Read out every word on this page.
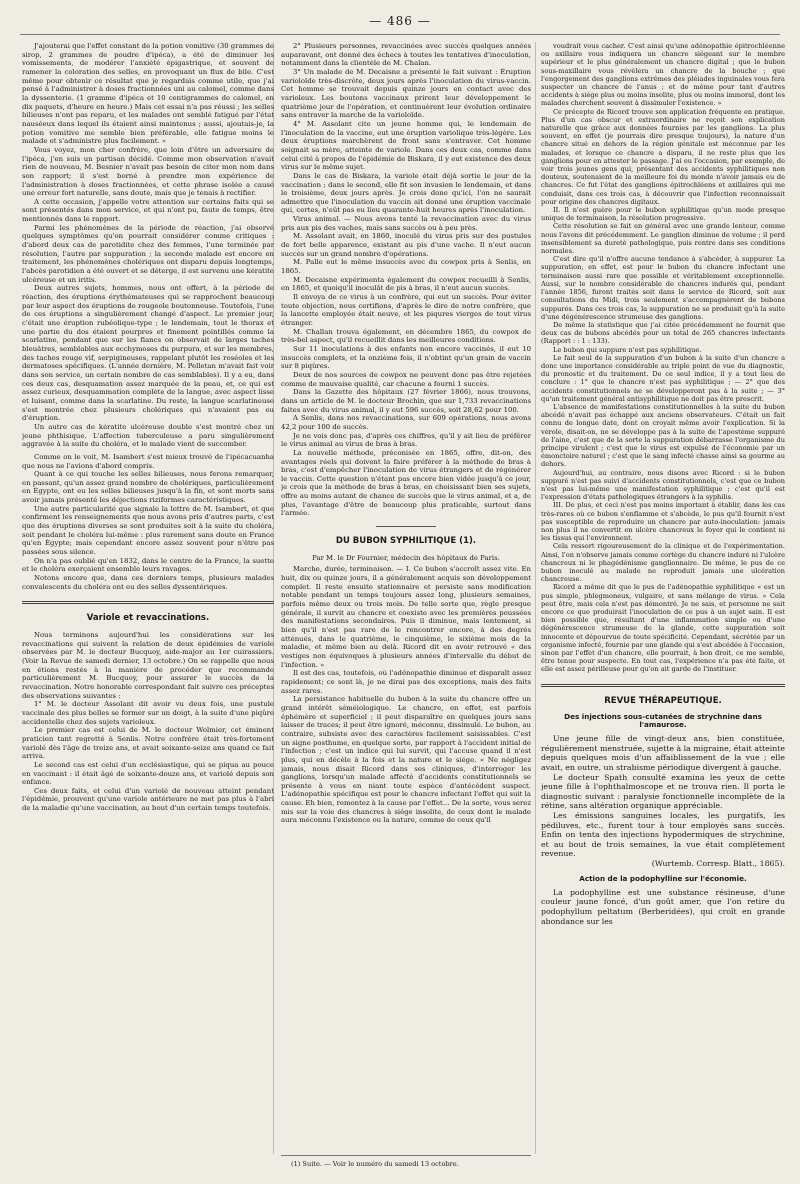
— 486 —

J'ajouterai que l'effet constant de la potion vomitive (30 grammes de sirop, 2 grammes de poudre d'ipéca), a été de diminuer les vomissements, de modérer l'anxiété épigastrique, et souvent de ramener la coloration des selles, en provoquant un flux de bile. C'est même pour obtenir ce résultat que je regardais comme utile, que j'ai pensé à l'administrer à doses fractionnées uni au calomel, comme dans la dyssenterie. (1 gramme d'ipéca et 10 centigrammes de calomel, en dix paquets, d'heure en heure.) Mais cet essai n'a pas réussi ; les selles bilieuses n'ont pas reparu, et les malades ont semblé fatigué par l'état nauséeux dans lequel ils étaient ainsi maintenus ; aussi, ajoutais-je, la potion vomitive me semble bien préférable, elle fatigue moins le malade et s'administre plus facilement. »

Vous voyez, mon cher confrère, que loin d'être un adversaire de l'ipéca, j'en suis un partisan décidé. Comme mon observation n'avait rien de nouveau, M. Besnier n'avait pas besoin de citer mon nom dans son rapport; il s'est borné à prendre mon expérience de l'administration à doses fractionnées, et cette phrase isolée a causé une erreur fort naturelle, sans doute, mais que je tenais à rectifier.

A cette occasion, j'appelle votre attention sur certains faits qui se sont présentés dans mon service, et qui n'ont pu, faute de temps, être mentionnés dans le rapport.

Parmi les phénomènes de la période de réaction, j'ai observé quelques symptômes qu'on pourrait considérer comme critiques : d'abord deux cas de parotidite chez des femmes, l'une terminée par résolution, l'autre par suppuration ; la seconde malade est encore en traitement, les phénomènes cholériques ont disparu depuis longtemps, l'abcès parotidien a été ouvert et se déterge, il est survenu une kératite ulcéreuse et un iritis.

Deux autres sujets, hommes, nous ont offert, à la période de réaction, des éruptions érythémateuses qui se rapprochent beaucoup par leur aspect des éruptions de rougeole boutonneuse. Toutefois, l'une de ces éruptions a singulièrement changé d'aspect. Le premier jour, c'était une éruption rubéolique-type ; le lendemain, tout le thorax et une partie du dos étaient pourpres et finement pointillés comme la scarlatine, pendant que sur les flancs on observait de larges taches bleuâtres, semblables aux ecchymoses du purpura, et sur les membres, des taches rouge vif, serpigineuses, rappelant plutôt les roséoles et les dermatoses spécifiques. (L'année dernière, M. Pelletan m'avait fait voir dans son service, un certain nombre de cas semblables). Il y a eu, dans ces deux cas, desquamation assez marquée de la peau, et, ce qui est assez curieux, desquammation complète de la langue, avec aspect lisse et luisant, comme dans la scarlatine. Du reste, la langue scarlatineuse s'est montrée chez plusieurs cholériques qui n'avaient pas eu d'éruption.

Un autre cas de kératite ulcéreuse double s'est montré chez un jeune phthisique. L'affection tuberculeuse a paru singulièrement aggravée à la suite du choléra, et le malade vient de succomber.

Comme on le voit, M. Isambert s'est mieux trouvé de l'ipécacuanha que nous ne l'avions d'abord compris.

Quant à ce qui touche les selles bilieuses, nous ferons remarquer, en passant, qu'un assez grand nombre de cholériques, particulièrement en Égypte, ont eu les selles bilieuses jusqu'à la fin, et sont morts sans avoir jamais présenté les déjections riziformes caractéristiques.

Une autre particularité que signale la lettre de M. Isambert, et que confirment les renseignements que nous avons pris d'autres parts, c'est que des éruptions diverses se sont produites soit à la suite du choléra, soit pendant le choléra lui-même : plus rarement sans doute en France qu'en Égypte; mais cependant encore assez souvent pour n'être pas passées sous silence.

On n'a pas oublié qu'en 1832, dans le centre de la France, la suette et le choléra exerçaient ensemble leurs ravages.

Notons encore que, dans ces derniers temps, plusieurs malades convalescents du choléra ont eu des selles dyssentériques.

Variole et revaccinations.

Nous terminons aujourd'hui les considérations sur les revaccinations qui suivent la relation de deux épidémies de variole observées par M. le docteur Bucquoy, aide-major au 1er cuirassiers. (Voir la Revue de samedi dernier, 13 octobre.) On se rappelle que nous en étions restés à la manière de procéder que recommande particulièrement M. Bucquoy, pour assurer le succès de la revaccination. Notre honorable correspondant fait suivre ces préceptes des observations suivantes :

1° M. le docteur Assolant dit avoir vu deux fois, une pustule vaccinale des plus belles se former sur un doigt, à la suite d'une piqûre accidentelle chez des sujets varioleux.

Le premier cas est celui de M. le docteur Wolmier, cet éminent praticien tant regretté à Senlis. Notre confrère était très-fortement variolé dès l'âge de treize ans, et avait soixante-seize ans quand ce fait arriva.

Le second cas est celui d'un ecclésiastique, qui se piqua au pouce en vaccinant : il était âgé de soixante-douze ans, et variolé depuis son enfance.

Ces deux faits, et celui d'un variolé de nouveau atteint pendant l'épidémie, prouvent qu'une variole antérieure ne met pas plus à l'abri de la maladie qu'une vaccination, au bout d'un certain temps toutefois.

2° Plusieurs personnes, revaccinées avec succès quelques années auparavant, ont donné des échecs à toutes les tentatives d'inoculation, notamment dans la clientèle de M. Chalan.

3° Un malade de M. Decaisne a présenté le fait suivant : Éruption varioloïde très-discrète, deux jours après l'inoculation du virus-vaccin. Cet homme se trouvait depuis quinze jours en contact avec des varioleux. Les boutons vaccinaux prirent leur développement le quatrième jour de l'opération, et continuèrent leur évolution ordinaire sans entraver la marche de la varioloïde.

4° M. Assolant cite un jeune homme qui, le lendemain de l'inoculation de la vaccine, eut une éruption variolique très-légère. Les deux éruptions marchèrent de front sans s'entraver. Cet homme soignait sa mère, atteinte de variole. Dans ces deux cas, comme dans celui cité à propos de l'épidémie de Biskara, il y eut existence des deux virus sur le même sujet.

Dans le cas de Biskara, la variole était déjà sortie le jour de la vaccination ; dans le second, elle fit son invasion le lendemain, et dans le troisième, deux jours après. Je crois done qu'ici, l'on ne saurait admettre que l'inoculation du vaccin ait donné une éruption vaccinale qui, certes, n'eût pas eu lieu quarante-huit heures après l'inoculation.

Virus animal. — Nous avons tenté la revaccination avec du virus pris aux pis des vaches, mais sans succès ou à peu près.

M. Assolant avait, en 1860, inoculé du virus pris sur des pustules de fort belle apparence, existant au pis d'une vache. Il n'eut aucun succès sur un grand nombre d'opérations.

M. Palle eut le même insuccès avec du cowpox pris à Senlis, en 1865.

M. Decaisne expérimenta également du cowpox recueilli à Senlis, en 1865, et quoiqu'il inoculât de pis à bras, il n'eut aucun succès.

Il envoya de ce virus à un confrère, qui eut un succès. Pour éviter toute objection, nous certifions, d'après le dire de notre confrère, que la lancette employée était neuve, et les piqures vierges de tout virus étranger.

M. Challan trouva également, en décembre 1865, du cowpox de très-bel aspect, qu'il recueillit dans les meilleures conditions.

Sur 11 inoculations à des enfants non encore vaccinés, il eut 10 insuccès complets, et la onzième fois, il n'obtint qu'un grain de vaccin sur 8 piqûres.

Deux de nos sources de cowpox ne peuvent donc pas être rejetées comme de mauvaise qualité, car chacune a fourni 1 succès.

Dans la Gazette des hôpitaux (27 février 1866), nous trouvons, dans un article de M. le docteur Brochin, que sur 1,733 revaccinations faites avec du virus animal, il y eut 596 succès, soit 28,62 pour 100.

A Senlis, dans nos revaccinations, sur 609 opérations, nous avons 42,2 pour 100 de succès.

Je ne vois donc pas, d'après ces chiffres, qu'il y ait lieu de préférer le virus animal au virus de bras à bras.

La nouvelle méthode, préconisée en 1865, offre, dit-on, des avantages réels qui doivent la faire préférer à la méthode de bras à bras, c'est d'empêcher l'inoculation de virus étrangers et de régénérer le vaccin. Cette question n'étant pas encore bien vidée jusqu'à ce jour, je crois que la méthode de bras à bras, en choisissant bien ses sujets, offre au moins autant de chance de succès que le virus animal, et a, de plus, l'avantage d'être de beaucoup plus praticable, surtout dans l'armée.

DU BUBON SYPHILITIQUE (1).

Par M. le Dr Fournier, médecin des hôpitaux de Paris.

Marche, durée, terminaison. — I. Ce bubon s'accroît assez vite. En huit, dix ou quinze jours, il a généralement acquis son développement complet. Il reste ensuite stationnaire et persiste sans modification notable pendant un temps toujours assez long, plusieurs semaines, parfois même deux ou trois mois. De telle sorte que, règle presque générale, il survit au chancre et coexiste avec les premières poussées des manifestations secondaires. Puis il diminue, mais lentement, si bien qu'il n'est pas rare de le rencontrer encore, à des degrés atténués, dans le quatrième, le cinquième, le sixième mois de la maladie, et même bien au delà. Ricord dit en avoir retrouvé « des vestiges non équivoques à plusieurs années d'intervalle du début de l'infection. »

Il est des cas, toutefois, où l'adénopathie diminue et disparaît assez rapidement; ce sont là, je ne dirai pas des exceptions, mais des faits assez rares.

La persistance habituelle du bubon à la suite du chancre offre un grand intérêt séméiologique. Le chancre, en effet, est parfois éphémère et superficiel ; il peut disparaître en quelques jours sans laisser de traces; il peut être ignoré, méconnu, dissimulé. Le bubon, au contraire, subsiste avec des caractères facilement saisissables. C'est un signe posthume, en quelque sorte, par rapport à l'accident initial de l'infection ; c'est un indice qui lui survit, qui l'accuse quand il n'est plus, qui en décèle à la fois et la nature et le siége. « Ne négligez jamais, nous disait Ricord dans ses cliniques, d'interroger les ganglions, lorsqu'un malade affecté d'accidents constitutionnels se présente à vous en niant toute espèce d'antécédent suspect. L'adénopathie spécifique est pour le chancre infectant l'effet qui suit la cause. Eh bien, remontez à la cause par l'effet... De la sorte, vous serez mis sur la voie des chancres à siége insolite, de ceux dont le malade aura méconnu l'existence ou la nature, comme de ceux qu'il

(1) Suite. — Voir le numéro du samedi 13 octobre.

voudrait vous cacher. C'est ainsi qu'une adénopathie épitrochléenne ou axillaire vous indiquera un chancre siégeant sur le membre supérieur et le plus généralement un chancre digital ; que le bubon sous-maxillaire vous révèlera un chancre de la bouche ; que l'engorgement des ganglions extrêmes des pléiades inguinales vous fera suspecter un chancre de l'anus ; et de même pour tant d'autres accidents à siége plus ou moins insolite, plus ou moins immoral, dont les malades cherchent souvent à dissimuler l'existence. »

Ce précepte de Ricord trouve son application fréquente en pratique. Plus d'un cas obscur et extraordinaire ne reçoit son explication naturelle que grâce aux données fournies par les ganglions. La plus souvent, en effet (je pourrais dire presque toujours), la nature d'un chancre situé en dehors de la région génitale est méconnue par les malades, et lorsque ce chancre a disparu, il ne reste plus que les ganglions pour en attester le passage. J'ai eu l'occasion, par exemple, de voir trois jeunes gens qui, présentant des accidents syphilitiques non douteux, soutenaient de la meilleure foi du monde n'avoir jamais eu de chancres. Ce fut l'état des ganglions épitrochléens et axillaires qui me conduisit, dans ces trois cas, à découvrir que l'infection reconnaissait pour origine des chancres digitaux.

II. Il n'est guère pour le bubon syphilitique qu'un mode presque unique de terminaison, la résolution progressive.

Cette résolution se fait en général avec une grande lenteur, comme nous l'avons dit précédemment. Le ganglion diminue de volume ; il perd insensiblement sa dureté pathologique, puis rentre dans ses conditions normales.

C'est dire qu'il n'offre aucune tendance à s'abcéder, à suppurer. La suppuration, en effet, est pour le bubon du chancre infectant une terminaison aussi rare que possible et véritablement exceptionnelle. Aussi, sur le nombre considérable de chancres indurés qui, pendant l'année 1856, furent traités soit dans le service de Ricord, soit aux consultations du Midi, trois seulement s'accompagnèrent de bubons suppurés. Dans ces trois cas, la suppuration ne se produisit qu'à la suite d'une dégénérescence strumeuse des ganglions.

De même la statistique que j'ai citée précédemment ne fournit que deux cas de bubons abcédés pour un total de 265 chancres infectants (Rapport : : 1 : 133).

Le bubon qui suppure n'est pas syphilitique.

Le fait seul de la suppuration d'un bubon à la suite d'un chancre a donc une importance considérable au triple point de vue du diagnostic, du pronostic et du traitement. De ce seul indice, il y a tout lieu de conclure : 1° que le chancre n'est pas syphilitique ; — 2° que des accidents constitutionnels ne se développeront pas à la suite ; — 3° qu'un traitement général antisyphilitique ne doit pas être prescrit.

L'absence de manifestations constitutionnelles à la suite du bubon abcédé n'avait pas échappé aux anciens observateurs. C'était un fait connu de longue date, dont on croyait même avoir l'explication. Si la vérole, disait-on, ne se développe pas à la suite de l'apostème suppuré de l'aine, c'est que de la sorte la suppuration débarrasse l'organisme du principe virulent ; c'est que le virus est expulsé de l'économie par un émonctoire naturel ; c'est que le sang infecté chasse ainsi sa gourme au dehors.

Aujourd'hui, au contraire, nous disons avec Ricord : si le bubon suppuré n'est pas suivi d'accidents constitutionnels, c'est que ce bubon n'est pas lui-même une manifestation syphilitique ; c'est qu'il est l'expression d'états pathologiques étrangers à la syphilis.

III. De plus, et ceci n'est pas moins important à établir, dans les cas très-rares où ce bubon s'enflamme et s'abcède, le pus qu'il fournit n'est pas susceptible de reproduire un chancre par auto-inoculation: jamais non plus il ne convertit en ulcère chancreux le foyer qui le contient ni les tissus qui l'environnent.

Cela ressort rigoureusement de la clinique et de l'expérimentation. Ainsi, l'on n'observe jamais comme cortège du chancre induré ni l'ulcère chancreux ni le phagédénisme ganglionnaire. De même, le pus de ce bubon inoculé au malade ne reproduit jamais une ulcération chancreuse.

Ricord a même dit que le pus de l'adénopathie syphilitique « est un pus simple, phlegmoneux, vulgaire, et sans mélange de virus. » Cela peut être, mais cela n'est pas démontré. Je ne sais, et personne ne sait encore ce que produirait l'inoculation de ce pus à un sujet sain. Il est bien possible que, résultant d'une inflammation simple ou d'une dégénérescence strumeuse de la glande, cette suppuration soit innocente et dépourvue de toute spécificité. Cependant, sécrétée par un organisme infecté, fournie par une glande qui s'est abcédée à l'occasion, sinon par l'effet d'un chancre, elle pourrait, à bon droit, ce me semble, être tenue pour suspecte. En tout cas, l'expérience n'a pas été faite, et elle est assez périlleuse pour qu'on ait garde de l'instituer.

REVUE THÉRAPEUTIQUE.
Des injections sous-cutanées de strychnine dans l'amaurose.

Une jeune fille de vingt-deux ans, bien constituée, régulièrement menstruée, sujette à la migraine, était atteinte depuis quelques mois d'un affaiblissement de la vue ; elle avait, en outre, un strabisme périodique divergent à gauche.

Le docteur Spath consulté examina les yeux de cette jeune fille à l'ophthalmoscope et ne trouva rien. Il porta le diagnostic suivant : paralysie fonctionnelle incomplète de la rétine, sans altération organique appréciable.

Les émissions sanguines locales, les purgatifs, les pédiluves, etc., furent tour à tour employés sans succès. Enfin on tenta des injections hypodermiques de strychnine, et au bout de trois semaines, la vue était complètement revenue.

(Wurtemb. Corresp. Blatt., 1865).

Action de la podophylline sur l'économie.

La podophylline est une substance résineuse, d'une couleur jaune foncé, d'un goût amer, que l'on retire du podophyllum peltatum (Berberidées), qui croît en grande abondance sur les
